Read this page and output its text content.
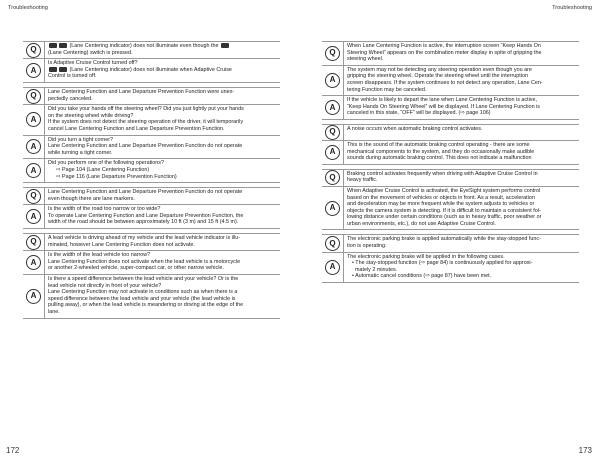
Troubleshooting	Troubleshooting
Q	(Lane Centering indicator) does not illuminate even though the
(Lane Centering) switch is pressed.
A
Is Adaptive Cruise Control turned off?
(Lane Centering indicator) does not illuminate when Adaptive Cruise
Control is turned off.
Q	Lane Centering Function and Lane Departure Prevention Function were unex-
pectedly canceled.
A
Did you take your hands off the steering wheel? Did you just lightly put your hands
on the steering wheel while driving?
If the system does not detect the steering operation of the driver, it will temporarily
cancel Lane Centering Function and Lane Departure Prevention Function.
A
Did you turn a tight corner?
Lane Centering Function and Lane Departure Prevention Function do not operate
while turning a tight corner.
A
Did you perform one of the following operations?
⇨ Page 104 (Lane Centering Function)
⇨ Page 116 (Lane Departure Prevention Function)
Q	Lane Centering Function and Lane Departure Prevention Function do not operate
even though there are lane markers.
A
Is the width of the road too narrow or too wide?
To operate Lane Centering Function and Lane Departure Prevention Function, the
width of the road should be between approximately 10 ft (3 m) and 15 ft (4.5 m).
Q	A lead vehicle is driving ahead of my vehicle and the lead vehicle indicator is illu-
minated, however Lane Centering Function does not activate.
A
Is the width of the lead vehicle too narrow?
Lane Centering Function does not activate when the lead vehicle is a motorcycle
or another 2-wheeled vehicle, super-compact car, or other narrow vehicle.
A
Is there a speed difference between the lead vehicle and your vehicle? Or is the
lead vehicle not directly in front of your vehicle?
Lane Centering Function may not activate in conditions such as when there is a
speed difference between the lead vehicle and your vehicle (the lead vehicle is
pulling away), or when the lead vehicle is meandering or driving at the edge of the
lane.
Q
When Lane Centering Function is active, the interruption screen “Keep Hands On
Steering Wheel” appears on the combination meter display in spite of gripping the
steering wheel.
A
The system may not be detecting any steering operation even though you are
gripping the steering wheel. Operate the steering wheel until the interruption
screen disappears. If the system continues to not detect any operation, Lane Cen-
tering Function may be canceled.
A
If the vehicle is likely to depart the lane when Lane Centering Function is active,
“Keep Hands On Steering Wheel” will be displayed. If Lane Centering Function is
canceled in this state, “OFF” will be displayed. (⇨ page 106)
Q	A noise occurs when automatic braking control activates.
A
This is the sound of the automatic braking control operating - there are some
mechanical components to the system, and they do occasionally make audible
sounds during automatic braking control. This does not indicate a malfunction
Q	Braking control activates frequently when driving with Adaptive Cruise Control in
heavy traffic.
A
When Adaptive Cruise Control is activated, the EyeSight system performs control
based on the movement of vehicles or objects in front. As a result, acceleration
and deceleration may be more frequent while the system adjusts to vehicles or
objects the camera system is detecting. If it is difficult to maintain a consistent fol-
lowing distance under certain conditions (such as in heavy traffic, poor weather or
urban environments, etc.), do not use Adaptive Cruise Control.
Q	The electronic parking brake is applied automatically while the stay-stopped func-
tion is operating.
A
The electronic parking brake will be applied in the following cases.
• The stay-stopped function (⇨ page 84) is continuously applied for approxi-
mately 2 minutes.
• Automatic cancel conditions (⇨ page 87) have been met.
172	173
